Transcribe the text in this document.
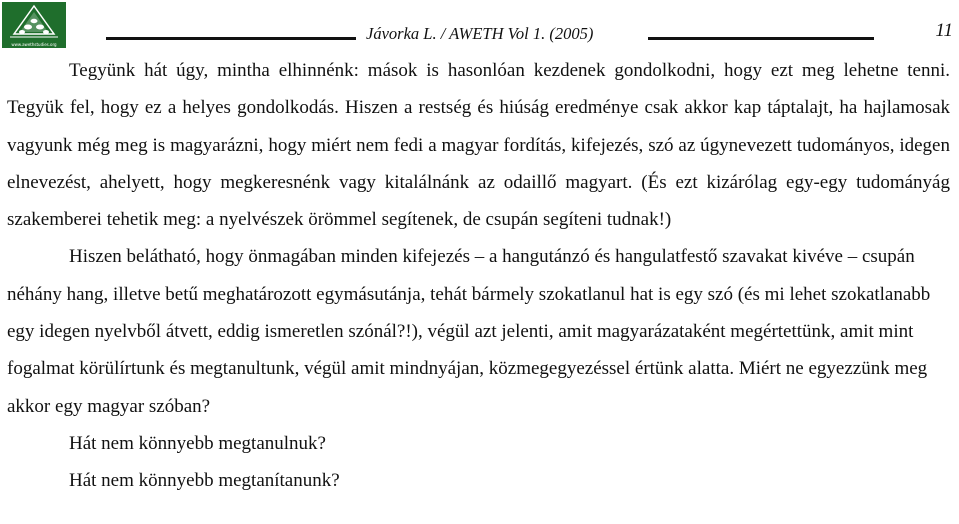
www.awethstudies.org
Jávorka L. / AWETH Vol 1. (2005)	11

Tegyünk hát úgy, mintha elhinnénk: mások is hasonlóan kezdenek gondolkodni, hogy ezt meg lehetne tenni. Tegyük fel, hogy ez a helyes gondolkodás. Hiszen a restség és hiúság eredménye csak akkor kap táptalajt, ha hajlamosak vagyunk még meg is magyarázni, hogy miért nem fedi a magyar fordítás, kifejezés, szó az úgynevezett tudományos, idegen elnevezést, ahelyett, hogy megkeresnénk vagy kitalálnánk az odaillő magyart. (És ezt kizárólag egy-egy tudományág szakemberei tehetik meg: a nyelvészek örömmel segítenek, de csupán segíteni tudnak!)

Hiszen belátható, hogy önmagában minden kifejezés – a hangutánzó és hangulatfestő szavakat kivéve – csupán néhány hang, illetve betű meghatározott egymásutánja, tehát bármely szokatlanul hat is egy szó (és mi lehet szokatlanabb egy idegen nyelvből átvett, eddig ismeretlen szónál?!), végül azt jelenti, amit magyarázataként megértettünk, amit mint fogalmat körülírtunk és megtanultunk, végül amit mindnyájan, közmegegyezéssel értünk alatta. Miért ne egyezzünk meg akkor egy magyar szóban?

Hát nem könnyebb megtanulnuk?

Hát nem könnyebb megtanítanunk?
